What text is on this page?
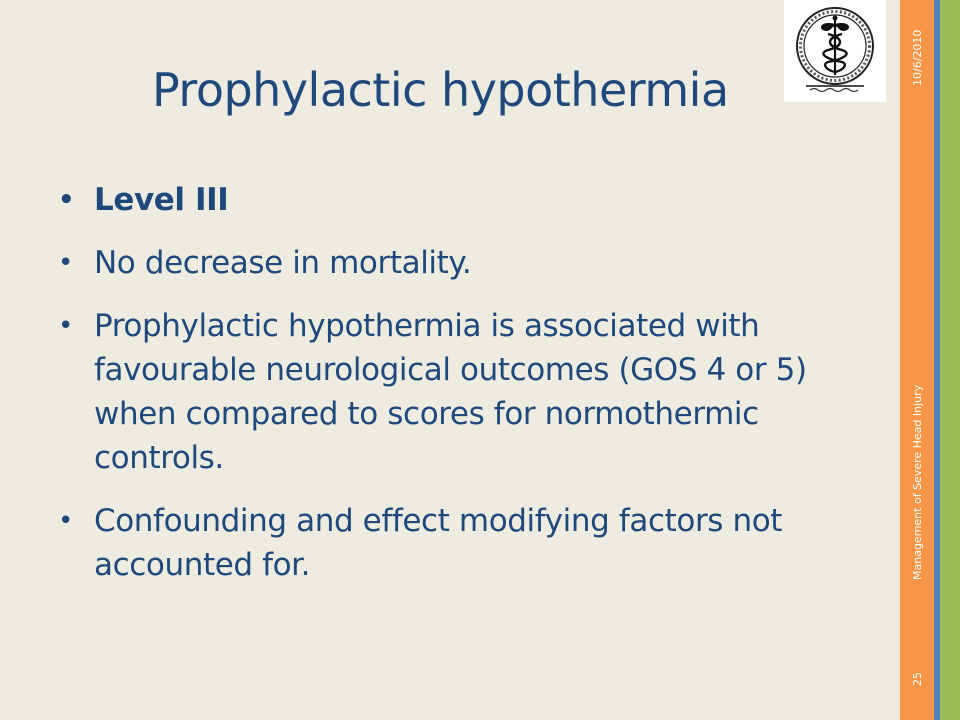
Prophylactic hypothermia
• Level III
• No decrease in mortality.
• Prophylactic hypothermia is associated with favourable neurological outcomes (GOS 4 or 5) when compared to scores for normothermic controls.
• Confounding and effect modifying factors not accounted for.
10/6/2010
Management of Severe Head Injury
25
